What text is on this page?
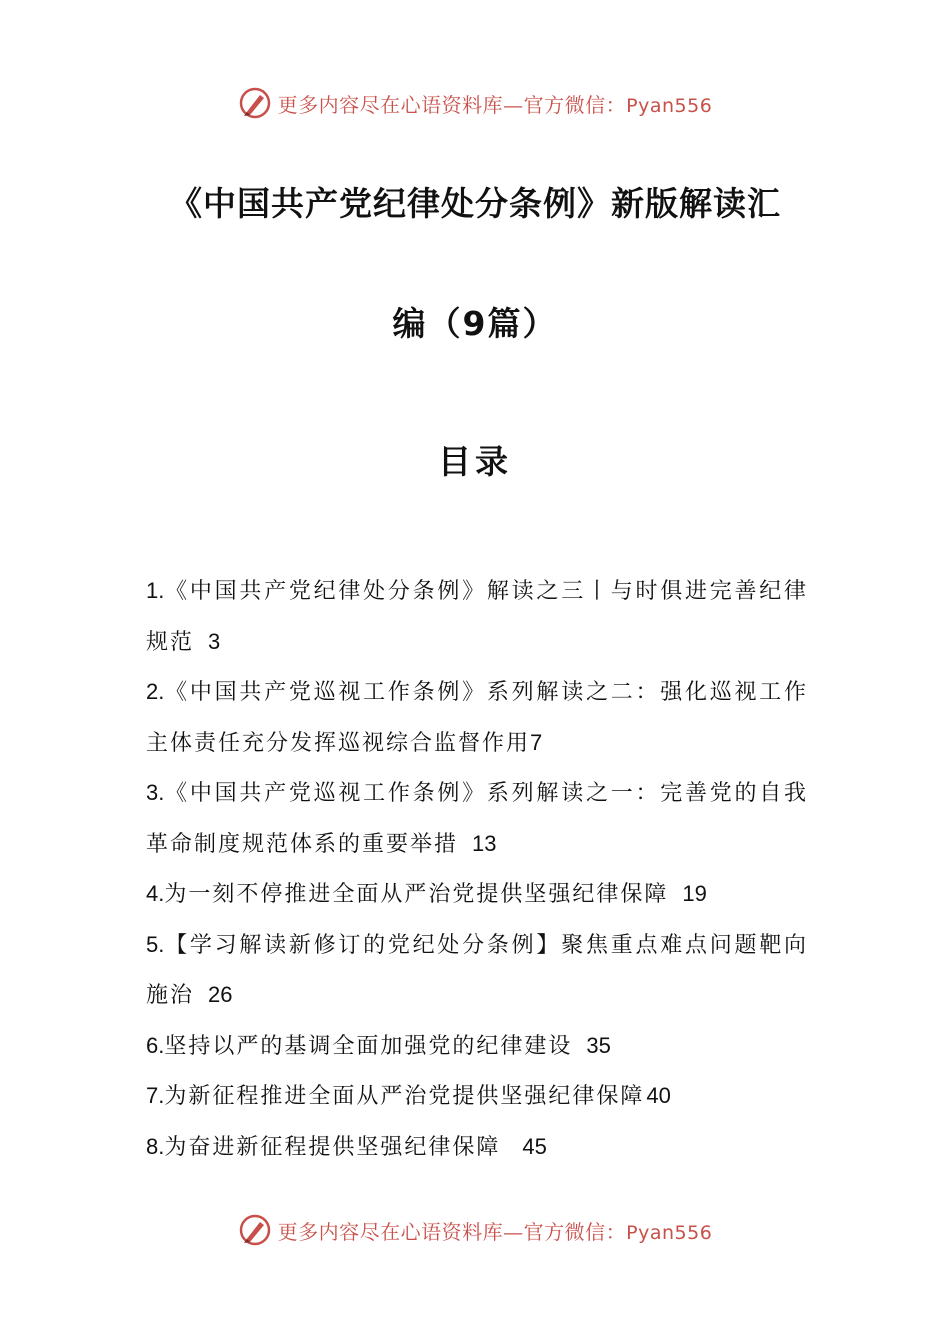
更多内容尽在心语资料库—官方微信：Pyan556
《中国共产党纪律处分条例》新版解读汇
编（9篇）
目录
1.《中国共产党纪律处分条例》解读之三丨与时俱进完善纪律规范 3
2.《中国共产党巡视工作条例》系列解读之二：强化巡视工作主体责任充分发挥巡视综合监督作用7
3.《中国共产党巡视工作条例》系列解读之一：完善党的自我革命制度规范体系的重要举措 13
4.为一刻不停推进全面从严治党提供坚强纪律保障 19
5.【学习解读新修订的党纪处分条例】聚焦重点难点问题靶向施治 26
6.坚持以严的基调全面加强党的纪律建设 35
7.为新征程推进全面从严治党提供坚强纪律保障40
8.为奋进新征程提供坚强纪律保障 45
更多内容尽在心语资料库—官方微信：Pyan556
